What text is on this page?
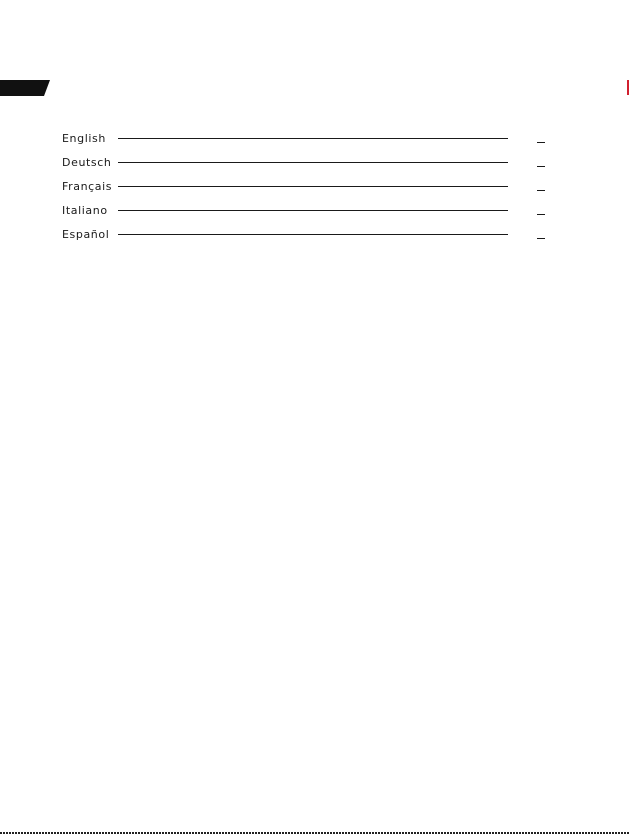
English
Deutsch
Français
Italiano
Español
